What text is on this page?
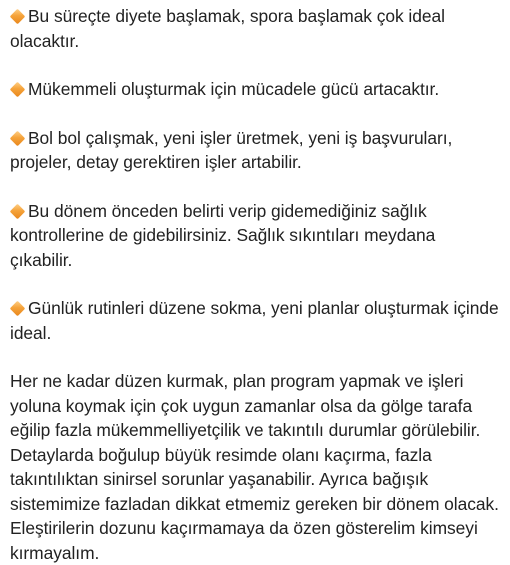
Bu süreçte diyete başlamak, spora başlamak çok ideal olacaktır.

Mükemmeli oluşturmak için mücadele gücü artacaktır.

Bol bol çalışmak, yeni işler üretmek, yeni iş başvuruları, projeler, detay gerektiren işler artabilir.

Bu dönem önceden belirti verip gidemediğiniz sağlık kontrollerine de gidebilirsiniz. Sağlık sıkıntıları meydana çıkabilir.

Günlük rutinleri düzene sokma, yeni planlar oluşturmak içinde ideal.

Her ne kadar düzen kurmak, plan program yapmak ve işleri yoluna koymak için çok uygun zamanlar olsa da gölge tarafa eğilip fazla mükemmelliyetçilik ve takıntılı durumlar görülebilir. Detaylarda boğulup büyük resimde olanı kaçırma, fazla takıntılıktan sinirsel sorunlar yaşanabilir. Ayrıca bağışık sistemimize fazladan dikkat etmemiz gereken bir dönem olacak. Eleştirilerin dozunu kaçırmamaya da özen gösterelim kimseyi kırmayalım.
